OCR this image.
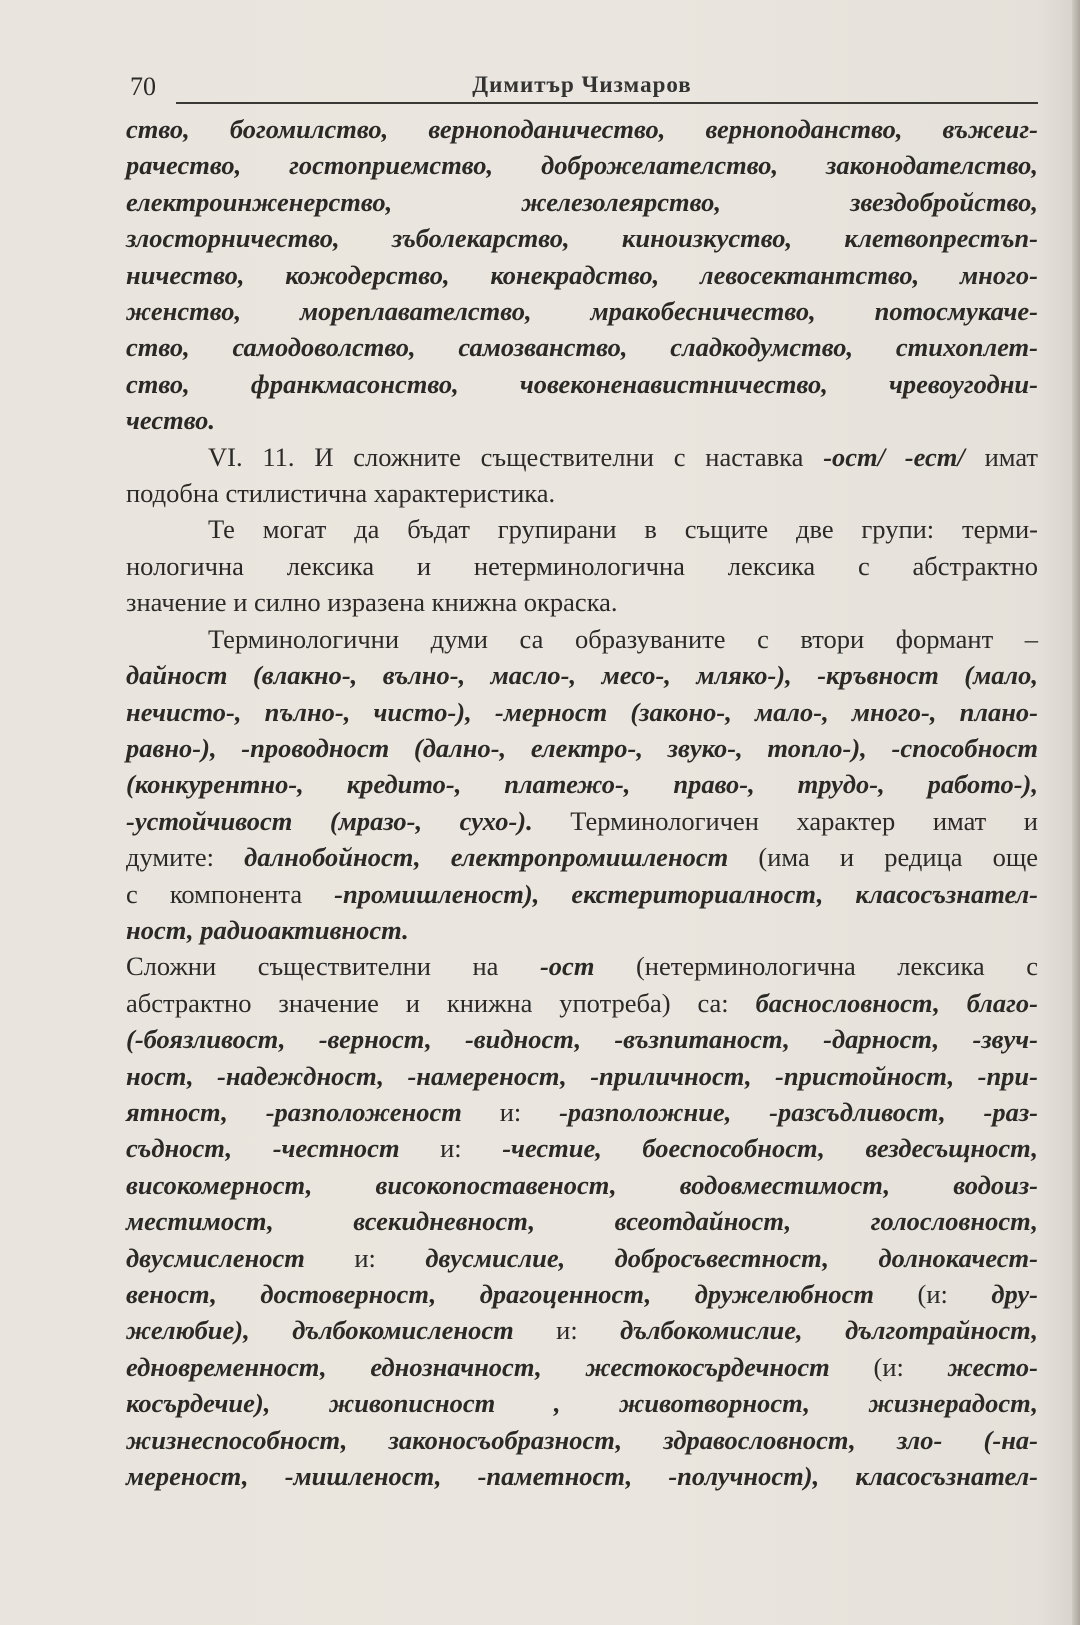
70	Димитър Чизмаров
ство, богомилство, верноподаничество, верноподанство, въжеиг-
рачество, гостоприемство, доброжелателство, законодателство,
електроинженерство, железолеярство, звездобройство,
злосторничество, зъболекарство, киноизкуство, клетвопрестъп-
ничество, кожодерство, конекрадство, левосектантство, много-
женство, мореплавателство, мракобесничество, потосмукаче-
ство, самодоволство, самозванство, сладкодумство, стихоплет-
ство, франкмасонство, човеконенавистничество, чревоугодни-
чество.
VI. 11. И сложните съществителни с наставка -ост/ -ест/ имат
подобна стилистична характеристика.
Те могат да бъдат групирани в същите две групи: терми-
нологична лексика и нетерминологична лексика с абстрактно
значение и силно изразена книжна окраска.
Терминологични думи са образуваните с втори формант –
дайност (влакно-, вълно-, масло-, месо-, мляко-), -кръвност (мало,
нечисто-, пълно-, чисто-), -мерност (законо-, мало-, много-, плано-
равно-), -проводност (дално-, електро-, звуко-, топло-), -способност
(конкурентно-, кредито-, платежо-, право-, трудо-, работо-),
-устойчивост (мразо-, сухо-). Терминологичен характер имат и
думите: далнобойност, електропромишленост (има и редица още
с компонента -промишленост), екстериториалност, класосъзнател-
ност, радиоактивност.
Сложни съществителни на -ост (нетерминологична лексика с
абстрактно значение и книжна употреба) са: баснословност, благо-
(-боязливост, -верност, -видност, -възпитаност, -дарност, -звуч-
ност, -надеждност, -намереност, -приличност, -пристойност, -при-
ятност, -разположеност и: -разположние, -разсъдливост, -раз-
съдност, -честност и: -честие, боеспособност, вездесъщност,
високомерност, високопоставеност, водовместимост, водоиз-
местимост, всекидневност, всеотдайност, голословност,
двусмисленост и: двусмислие, добросъвестност, долнокачест-
веност, достоверност, драгоценност, дружелюбност (и: дру-
желюбие), дълбокомисленост и: дълбокомислие, дълготрайност,
едновременност, еднозначност, жестокосърдечност (и: жесто-
косърдечие), живописност , животворност, жизнерадост,
жизнеспособност, законосъобразност, здравословност, зло- (-на-
мереност, -мишленост, -паметност, -получност), класосъзнател-
